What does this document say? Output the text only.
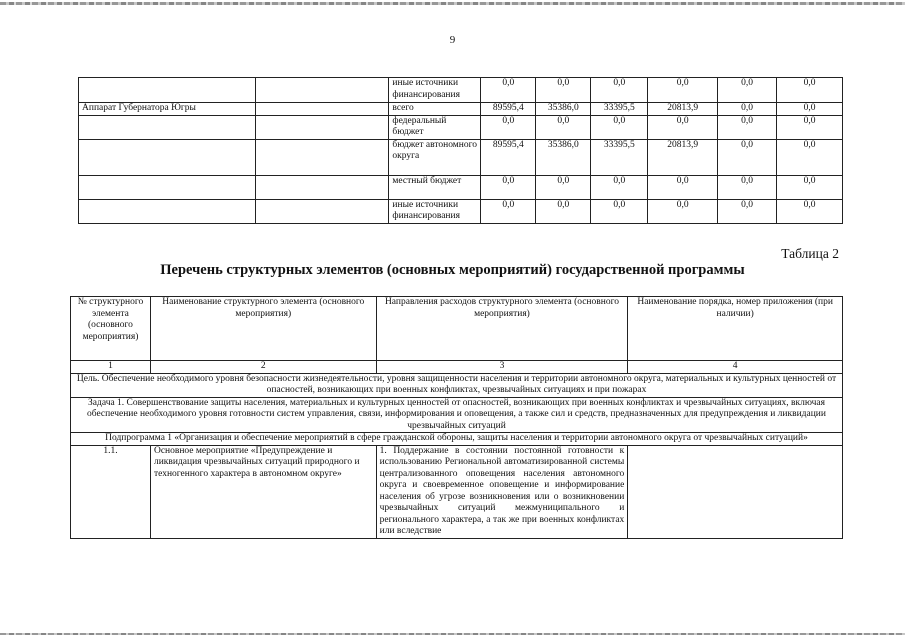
9
		иные источники финансирования	0,0	0,0	0,0	0,0	0,0	0,0
Аппарат Губернатора Югры		всего	89595,4	35386,0	33395,5	20813,9	0,0	0,0
		федеральный бюджет	0,0	0,0	0,0	0,0	0,0	0,0
		бюджет автономного округа	89595,4	35386,0	33395,5	20813,9	0,0	0,0
		местный бюджет	0,0	0,0	0,0	0,0	0,0	0,0
		иные источники финансирования	0,0	0,0	0,0	0,0	0,0	0,0
Таблица 2
Перечень структурных элементов (основных мероприятий) государственной программы
№ структурного элемента (основного мероприятия)	Наименование структурного элемента (основного мероприятия)	Направления расходов структурного элемента (основного мероприятия)	Наименование порядка, номер приложения (при наличии)
1	2	3	4
Цель. Обеспечение необходимого уровня безопасности жизнедеятельности, уровня защищенности населения и территории автономного округа, материальных и культурных ценностей от опасностей, возникающих при военных конфликтах, чрезвычайных ситуациях и при пожарах			
Задача 1. Совершенствование защиты населения, материальных и культурных ценностей от опасностей, возникающих при военных конфликтах и чрезвычайных ситуациях, включая обеспечение необходимого уровня готовности систем управления, связи, информирования и оповещения, а также сил и средств, предназначенных для предупреждения и ликвидации чрезвычайных ситуаций			
Подпрограмма 1 «Организация и обеспечение мероприятий в сфере гражданской обороны, защиты населения и территории автономного округа от чрезвычайных ситуаций»			
1.1.	Основное мероприятие «Предупреждение и ликвидация чрезвычайных ситуаций природного и техногенного характера в автономном округе»	1. Поддержание в состоянии постоянной готовности к использованию Региональной автоматизированной системы централизованного оповещения населения автономного округа и своевременное оповещение и информирование населения об угрозе возникновения или о возникновении чрезвычайных ситуаций межмуниципального и регионального характера, а так же при военных конфликтах или вследствие	
